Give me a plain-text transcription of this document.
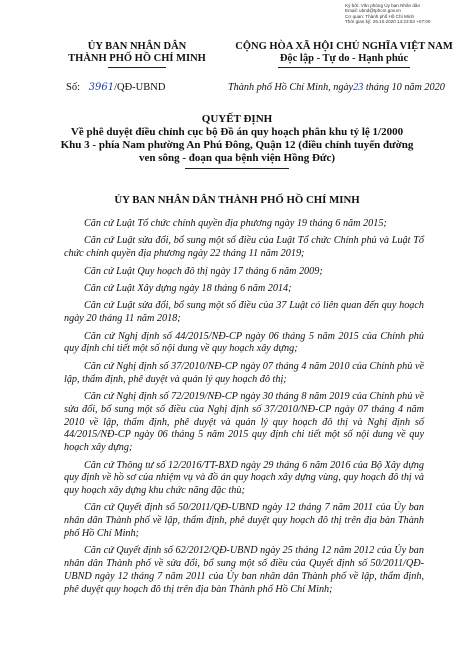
Ký bởi: Văn phòng Ủy ban Nhân dân
Email: ubnd@tphcm.gov.vn
Cơ quan: Thành phố Hồ Chí Minh
Thời gian ký: 26.10.2020 14:23:53 +07:00
ỦY BAN NHÂN DÂN
THÀNH PHỐ HỒ CHÍ MINH
CỘNG HÒA XÃ HỘI CHỦ NGHĨA VIỆT NAM
Độc lập - Tự do - Hạnh phúc
Số: 3961/QĐ-UBND	Thành phố Hồ Chí Minh, ngày23 tháng 10 năm 2020
QUYẾT ĐỊNH
Về phê duyệt điều chỉnh cục bộ Đồ án quy hoạch phân khu tỷ lệ 1/2000
Khu 3 - phía Nam phường An Phú Đông, Quận 12 (điều chỉnh tuyến đường
ven sông - đoạn qua bệnh viện Hồng Đức)
ỦY BAN NHÂN DÂN THÀNH PHỐ HỒ CHÍ MINH

Căn cứ Luật Tổ chức chính quyền địa phương ngày 19 tháng 6 năm 2015;

Căn cứ Luật sửa đổi, bổ sung một số điều của Luật Tổ chức Chính phủ và Luật Tổ chức chính quyền địa phương ngày 22 tháng 11 năm 2019;

Căn cứ Luật Quy hoạch đô thị ngày 17 tháng 6 năm 2009;

Căn cứ Luật Xây dựng ngày 18 tháng 6 năm 2014;

Căn cứ Luật sửa đổi, bổ sung một số điều của 37 Luật có liên quan đến quy hoạch ngày 20 tháng 11 năm 2018;

Căn cứ Nghị định số 44/2015/NĐ-CP ngày 06 tháng 5 năm 2015 của Chính phủ quy định chi tiết một số nội dung về quy hoạch xây dựng;

Căn cứ Nghị định số 37/2010/NĐ-CP ngày 07 tháng 4 năm 2010 của Chính phủ về lập, thẩm định, phê duyệt và quản lý quy hoạch đô thị;

Căn cứ Nghị định số 72/2019/NĐ-CP ngày 30 tháng 8 năm 2019 của Chính phủ về sửa đổi, bổ sung một số điều của Nghị định số 37/2010/NĐ-CP ngày 07 tháng 4 năm 2010 về lập, thẩm định, phê duyệt và quản lý quy hoạch đô thị và Nghị định số 44/2015/NĐ-CP ngày 06 tháng 5 năm 2015 quy định chi tiết một số nội dung về quy hoạch xây dựng;

Căn cứ Thông tư số 12/2016/TT-BXD ngày 29 tháng 6 năm 2016 của Bộ Xây dựng quy định về hồ sơ của nhiệm vụ và đồ án quy hoạch xây dựng vùng, quy hoạch đô thị và quy hoạch xây dựng khu chức năng đặc thù;

Căn cứ Quyết định số 50/2011/QĐ-UBND ngày 12 tháng 7 năm 2011 của Ủy ban nhân dân Thành phố về lập, thẩm định, phê duyệt quy hoạch đô thị trên địa bàn Thành phố Hồ Chí Minh;

Căn cứ Quyết định số 62/2012/QĐ-UBND ngày 25 tháng 12 năm 2012 của Ủy ban nhân dân Thành phố về sửa đổi, bổ sung một số điều của Quyết định số 50/2011/QĐ-UBND ngày 12 tháng 7 năm 2011 của Ủy ban nhân dân Thành phố về lập, thẩm định, phê duyệt quy hoạch đô thị trên địa bàn Thành phố Hồ Chí Minh;
